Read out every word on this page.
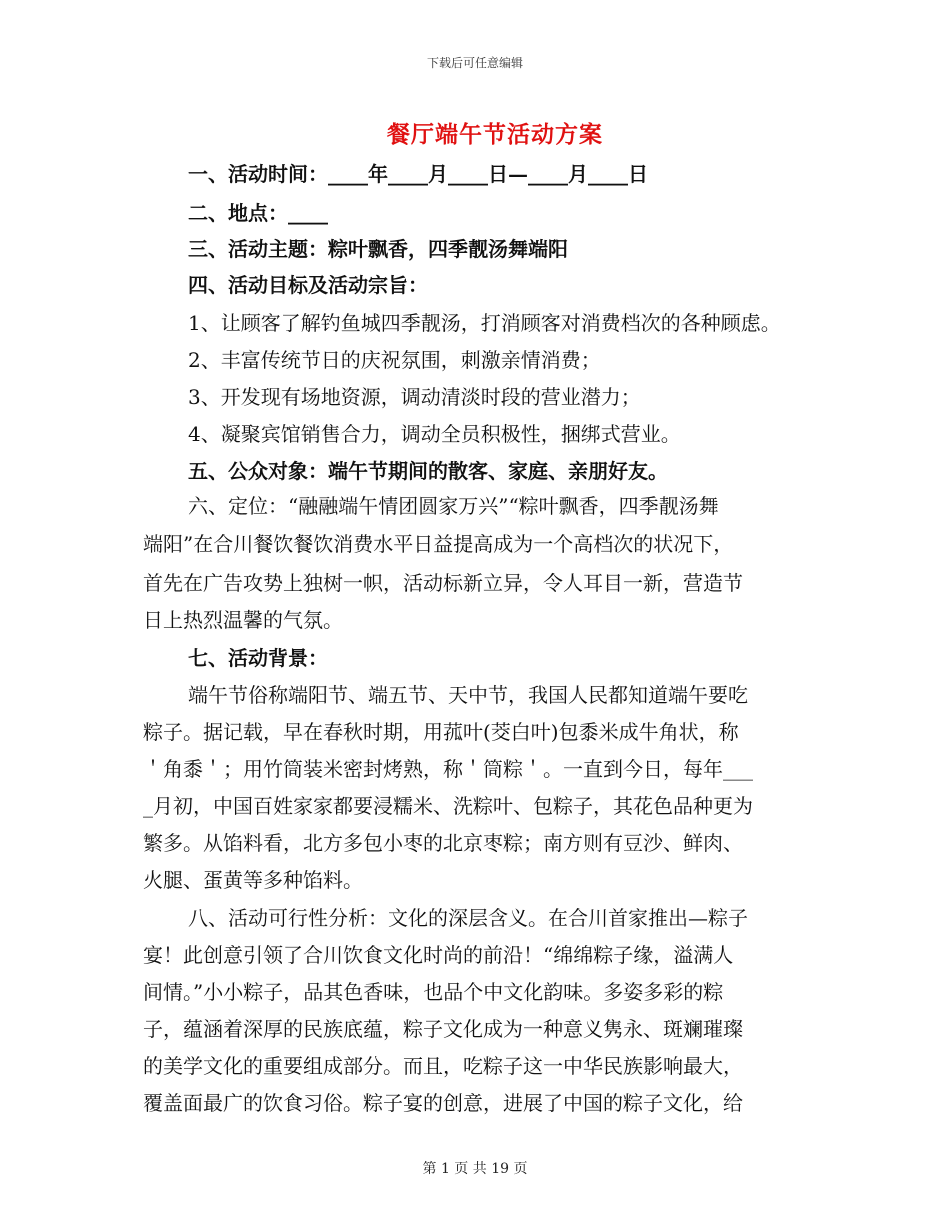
下载后可任意编辑
餐厅端午节活动方案
一、活动时间：____年____月____日—____月____日
二、地点：____
三、活动主题：粽叶飘香，四季靓汤舞端阳
四、活动目标及活动宗旨：
1、让顾客了解钓鱼城四季靓汤，打消顾客对消费档次的各种顾虑。
2、丰富传统节日的庆祝氛围，刺激亲情消费；
3、开发现有场地资源，调动清淡时段的营业潜力；
4、凝聚宾馆销售合力，调动全员积极性，捆绑式营业。
五、公众对象：端午节期间的散客、家庭、亲朋好友。
六、定位：“融融端午情团圆家万兴”“粽叶飘香，四季靓汤舞
端阳”在合川餐饮餐饮消费水平日益提高成为一个高档次的状况下，
首先在广告攻势上独树一帜，活动标新立异，令人耳目一新，营造节
日上热烈温馨的气氛。
七、活动背景：
端午节俗称端阳节、端五节、天中节，我国人民都知道端午要吃
粽子。据记载，早在春秋时期，用菰叶(茭白叶)包黍米成牛角状，称
＇角黍＇；用竹筒装米密封烤熟，称＇筒粽＇。一直到今日，每年___
_月初，中国百姓家家都要浸糯米、洗粽叶、包粽子，其花色品种更为
繁多。从馅料看，北方多包小枣的北京枣粽；南方则有豆沙、鲜肉、
火腿、蛋黄等多种馅料。
八、活动可行性分析：文化的深层含义。在合川首家推出—粽子
宴！此创意引领了合川饮食文化时尚的前沿！“绵绵粽子缘，溢满人
间情。”小小粽子，品其色香味，也品个中文化韵味。多姿多彩的粽
子，蕴涵着深厚的民族底蕴，粽子文化成为一种意义隽永、斑斓璀璨
的美学文化的重要组成部分。而且，吃粽子这一中华民族影响最大，
覆盖面最广的饮食习俗。粽子宴的创意，进展了中国的粽子文化，给
第 1 页 共 19 页
